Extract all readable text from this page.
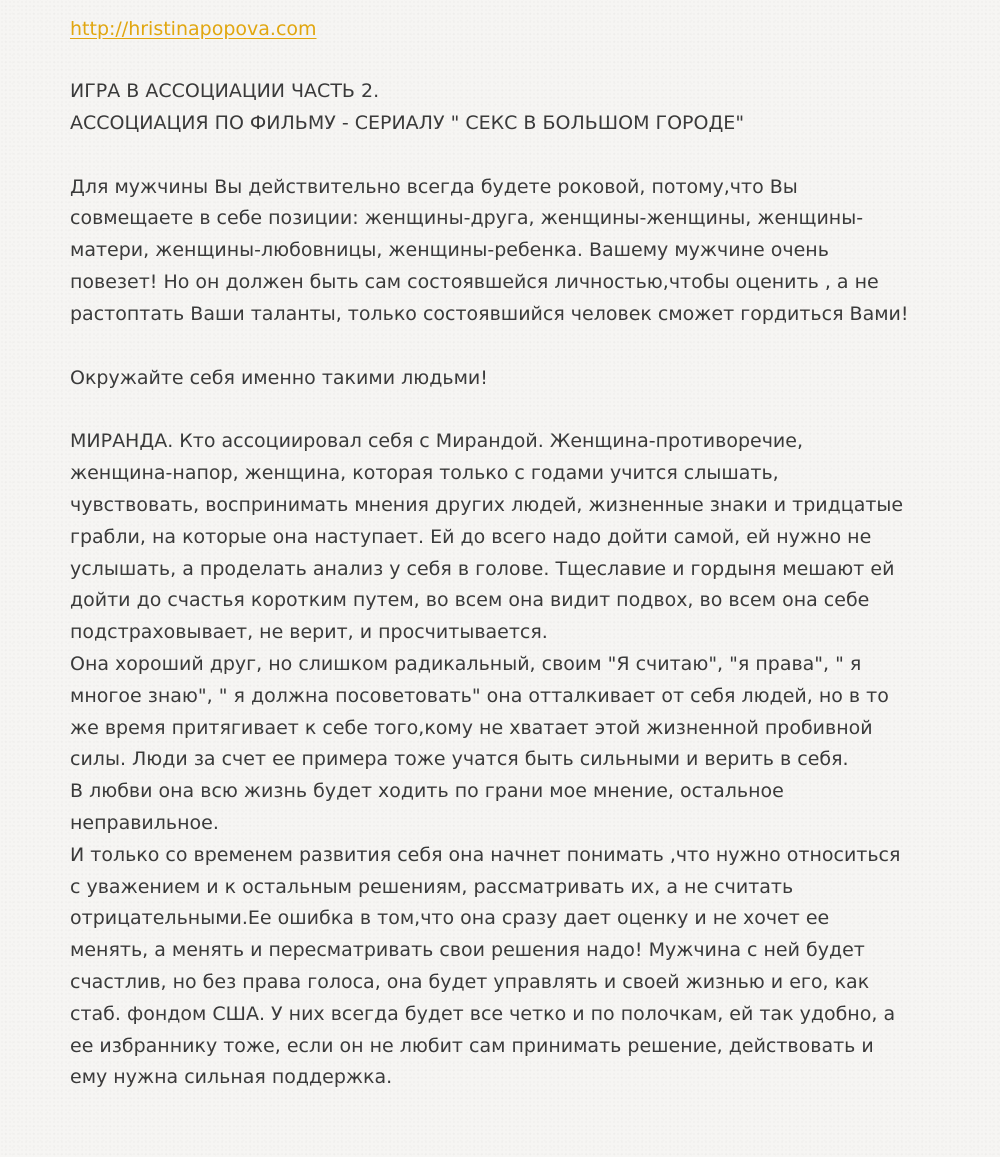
http://hristinapopova.com
ИГРА В АССОЦИАЦИИ ЧАСТЬ 2.
АССОЦИАЦИЯ ПО ФИЛЬМУ - СЕРИАЛУ " СЕКС В БОЛЬШОМ ГОРОДЕ"

Для мужчины Вы действительно всегда будете роковой, потому,что Вы
совмещаете в себе позиции: женщины-друга, женщины-женщины, женщины-
матери, женщины-любовницы, женщины-ребенка. Вашему мужчине очень
повезет! Но он должен быть сам состоявшейся личностью,чтобы оценить , а не
растоптать Ваши таланты, только состоявшийся человек сможет гордиться Вами!

Окружайте себя именно такими людьми!

МИРАНДА. Кто ассоциировал себя с Мирандой. Женщина-противоречие,
женщина-напор, женщина, которая только с годами учится слышать,
чувствовать, воспринимать мнения других людей, жизненные знаки и тридцатые
грабли, на которые она наступает. Ей до всего надо дойти самой, ей нужно не
услышать, а проделать анализ у себя в голове. Тщеславие и гордыня мешают ей
дойти до счастья коротким путем, во всем она видит подвох, во всем она себе
подстраховывает, не верит, и просчитывается.
Она хороший друг, но слишком радикальный, своим "Я считаю", "я права", " я
многое знаю", " я должна посоветовать" она отталкивает от себя людей, но в то
же время притягивает к себе того,кому не хватает этой жизненной пробивной
силы. Люди за счет ее примера тоже учатся быть сильными и верить в себя.
В любви она всю жизнь будет ходить по грани мое мнение, остальное
неправильное.
И только со временем развития себя она начнет понимать ,что нужно относиться
с уважением и к остальным решениям, рассматривать их, а не считать
отрицательными.Ее ошибка в том,что она сразу дает оценку и не хочет ее
менять, а менять и пересматривать свои решения надо! Мужчина с ней будет
счастлив, но без права голоса, она будет управлять и своей жизнью и его, как
стаб. фондом США. У них всегда будет все четко и по полочкам, ей так удобно, а
ее избраннику тоже, если он не любит сам принимать решение, действовать и
ему нужна сильная поддержка.
